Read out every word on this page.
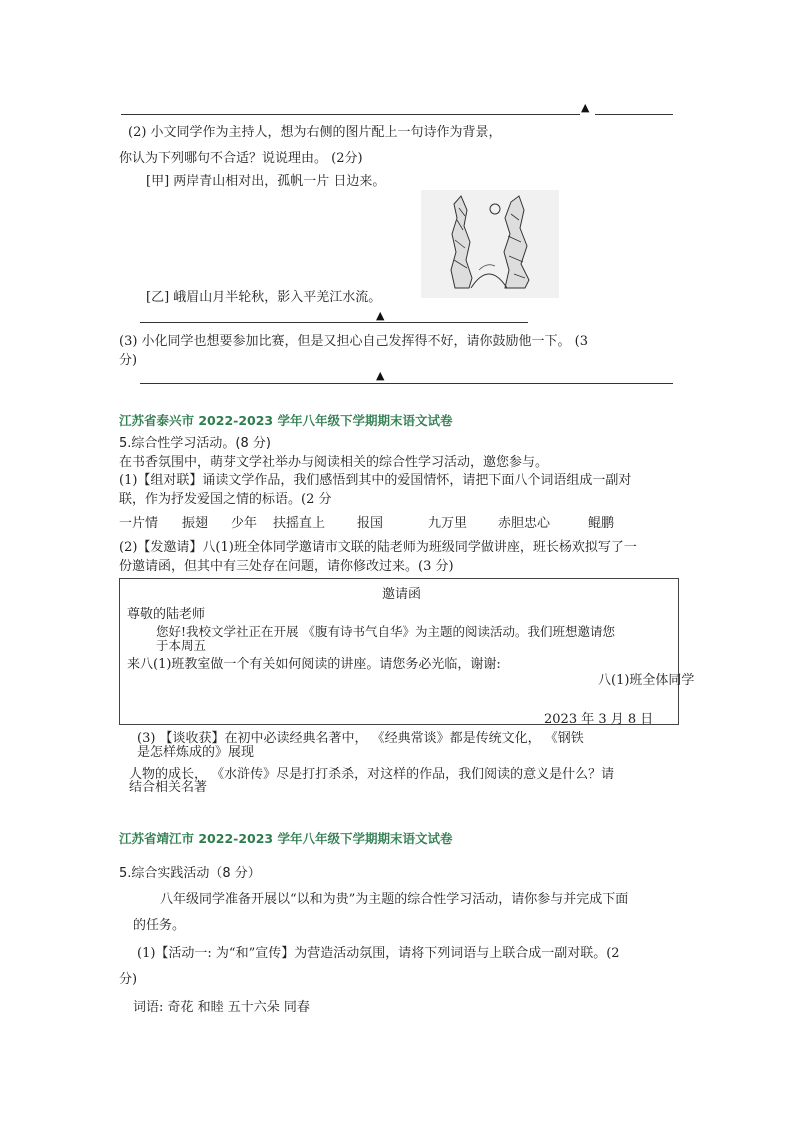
▲
(2) 小文同学作为主持人，想为右侧的图片配上一句诗作为背景，
你认为下列哪句不合适？说说理由。 (2分)
[甲] 两岸青山相对出，孤帆一片 日边来。
[乙] 峨眉山月半轮秋，影入平羌江水流。
▲
(3) 小化同学也想要参加比赛，但是又担心自己发挥得不好，请你鼓励他一下。 (3
分)
▲
江苏省泰兴市 2022-2023 学年八年级下学期期末语文试卷
5.综合性学习活动。(8 分)
在书香氛围中，萌芽文学社举办与阅读相关的综合性学习活动，邀您参与。
(1)【组对联】诵读文学作品，我们感悟到其中的爱国情怀，请把下面八个词语组成一副对
联，作为抒发爱国之情的标语。(2 分
一片情 振翅 少年 扶摇直上 报国	九万里 赤胆忠心	鲲鹏
(2)【发邀请】八(1)班全体同学邀请市文联的陆老师为班级同学做讲座，班长杨欢拟写了一
份邀请函，但其中有三处存在问题，请你修改过来。(3 分)
邀请函
尊敬的陆老师
您好!我校文学社正在开展 《腹有诗书气自华》为主题的阅读活动。我们班想邀请您
于本周五
来八(1)班教室做一个有关如何阅读的讲座。请您务必光临，谢谢:
八(1)班全体同学
2023 年 3 月 8 日
(3) 【谈收获】在初中必读经典名著中， 《经典常谈》都是传统文化， 《钢铁
是怎样炼成的》展现
人物的成长， 《水浒传》尽是打打杀杀，对这样的作品，我们阅读的意义是什么？请
结合相关名著
江苏省靖江市 2022-2023 学年八年级下学期期末语文试卷
5.综合实践活动（8 分）
八年级同学准备开展以“以和为贵”为主题的综合性学习活动，请你参与并完成下面
的任务。
(1)【活动一: 为“和”宣传】为营造活动氛围，请将下列词语与上联合成一副对联。(2
分)
词语: 奇花 和睦 五十六朵 同春
